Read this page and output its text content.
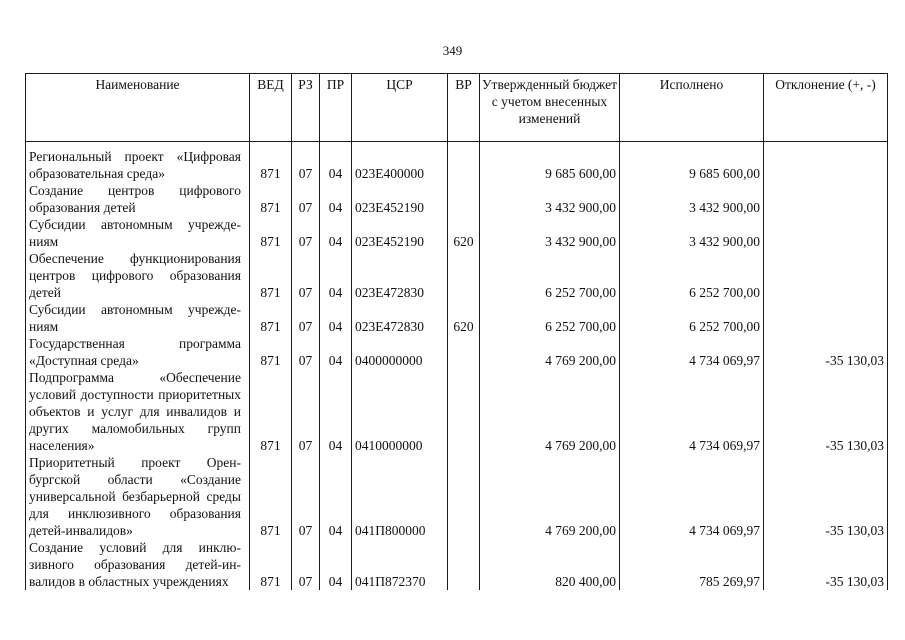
349
Наименование	ВЕД	РЗ	ПР	ЦСР	ВР	Утвержденный бюджет с учетом внесенных изменений	Исполнено	Отклонение (+, -)

Региональный проект «Цифровая образовательная среда»	871	07	04	023Е400000		9 685 600,00	9 685 600,00	
Создание центров цифрового образования детей	871	07	04	023Е452190		3 432 900,00	3 432 900,00	
Субсидии автономным учреждениям	871	07	04	023Е452190	620	3 432 900,00	3 432 900,00	
Обеспечение функционирования центров цифрового образования детей	871	07	04	023Е472830		6 252 700,00	6 252 700,00	
Субсидии автономным учреждениям	871	07	04	023Е472830	620	6 252 700,00	6 252 700,00	
Государственная программа «Доступная среда»	871	07	04	0400000000		4 769 200,00	4 734 069,97	-35 130,03
Подпрограмма «Обеспечение условий доступности приоритетных объектов и услуг для инвалидов и других маломобильных групп населения»	871	07	04	0410000000		4 769 200,00	4 734 069,97	-35 130,03
Приоритетный проект Оренбургской области «Создание универсальной безбарьерной среды для инклюзивного образования детей-инвалидов»	871	07	04	041П800000		4 769 200,00	4 734 069,97	-35 130,03
Создание условий для инклюзивного образования детей-инвалидов в областных учреждениях	871	07	04	041П872370		820 400,00	785 269,97	-35 130,03
